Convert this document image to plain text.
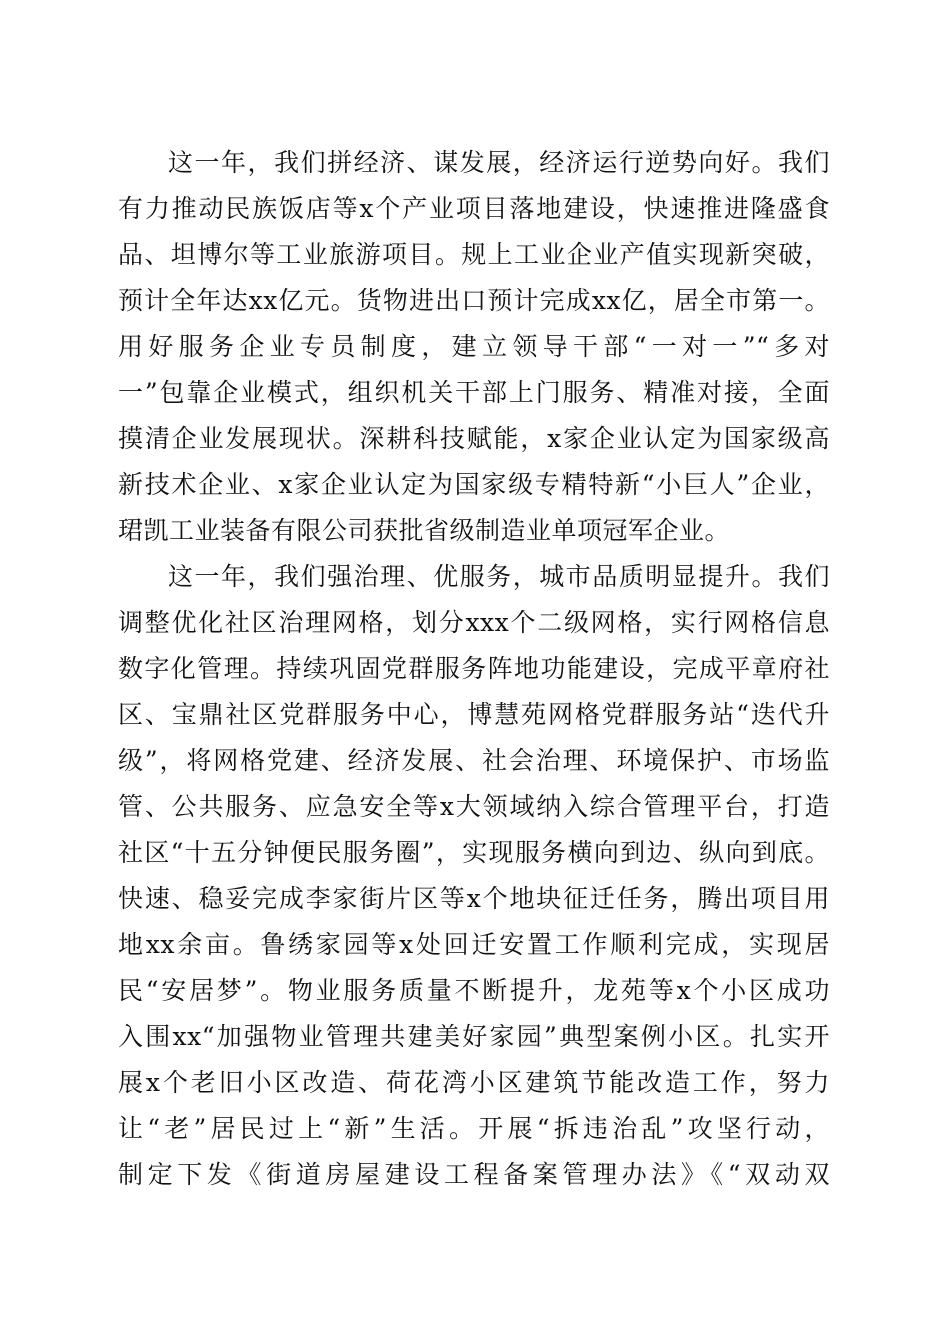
这一年，我们拼经济、谋发展，经济运行逆势向好。我们
有力推动民族饭店等x个产业项目落地建设，快速推进隆盛食
品、坦博尔等工业旅游项目。规上工业企业产值实现新突破，
预计全年达xx亿元。货物进出口预计完成xx亿，居全市第一。
用好服务企业专员制度，建立领导干部“一对一”“多对
一”包靠企业模式，组织机关干部上门服务、精准对接，全面
摸清企业发展现状。深耕科技赋能，x家企业认定为国家级高
新技术企业、x家企业认定为国家级专精特新“小巨人”企业，
珺凯工业装备有限公司获批省级制造业单项冠军企业。
这一年，我们强治理、优服务，城市品质明显提升。我们
调整优化社区治理网格，划分xxx个二级网格，实行网格信息
数字化管理。持续巩固党群服务阵地功能建设，完成平章府社
区、宝鼎社区党群服务中心，博慧苑网格党群服务站“迭代升
级”，将网格党建、经济发展、社会治理、环境保护、市场监
管、公共服务、应急安全等x大领域纳入综合管理平台，打造
社区“十五分钟便民服务圈”，实现服务横向到边、纵向到底。
快速、稳妥完成李家街片区等x个地块征迁任务，腾出项目用
地xx余亩。鲁绣家园等x处回迁安置工作顺利完成，实现居
民“安居梦”。物业服务质量不断提升，龙苑等x个小区成功
入围xx“加强物业管理共建美好家园”典型案例小区。扎实开
展x个老旧小区改造、荷花湾小区建筑节能改造工作，努力
让“老”居民过上“新”生活。开展“拆违治乱”攻坚行动，
制定下发《街道房屋建设工程备案管理办法》《“双动双
